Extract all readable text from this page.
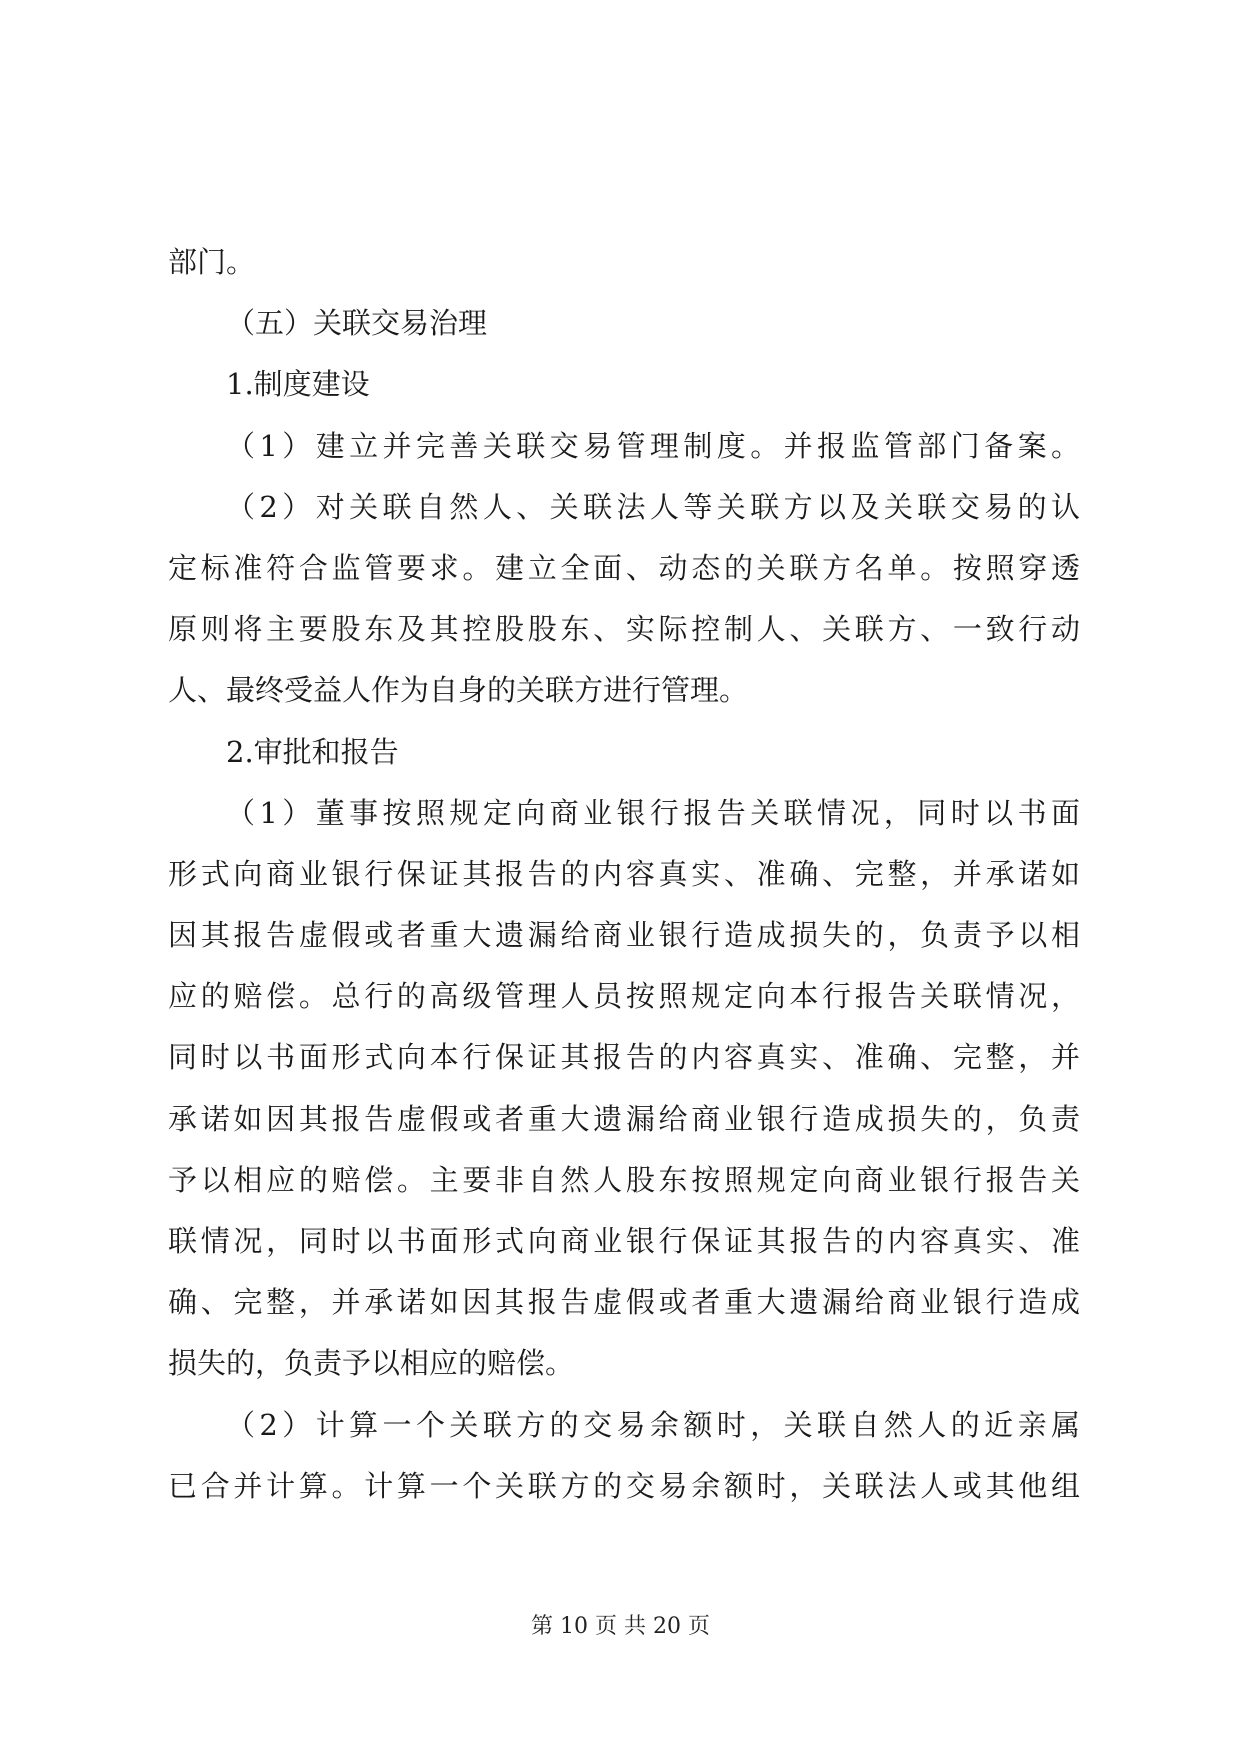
部门。
（五）关联交易治理
1.制度建设
（1）建立并完善关联交易管理制度。并报监管部门备案。
（2）对关联自然人、关联法人等关联方以及关联交易的认
定标准符合监管要求。建立全面、动态的关联方名单。按照穿透
原则将主要股东及其控股股东、实际控制人、关联方、一致行动
人、最终受益人作为自身的关联方进行管理。
2.审批和报告
（1）董事按照规定向商业银行报告关联情况，同时以书面
形式向商业银行保证其报告的内容真实、准确、完整，并承诺如
因其报告虚假或者重大遗漏给商业银行造成损失的，负责予以相
应的赔偿。总行的高级管理人员按照规定向本行报告关联情况，
同时以书面形式向本行保证其报告的内容真实、准确、完整，并
承诺如因其报告虚假或者重大遗漏给商业银行造成损失的，负责
予以相应的赔偿。主要非自然人股东按照规定向商业银行报告关
联情况，同时以书面形式向商业银行保证其报告的内容真实、准
确、完整，并承诺如因其报告虚假或者重大遗漏给商业银行造成
损失的，负责予以相应的赔偿。
（2）计算一个关联方的交易余额时，关联自然人的近亲属
已合并计算。计算一个关联方的交易余额时，关联法人或其他组
第 10 页 共 20 页
